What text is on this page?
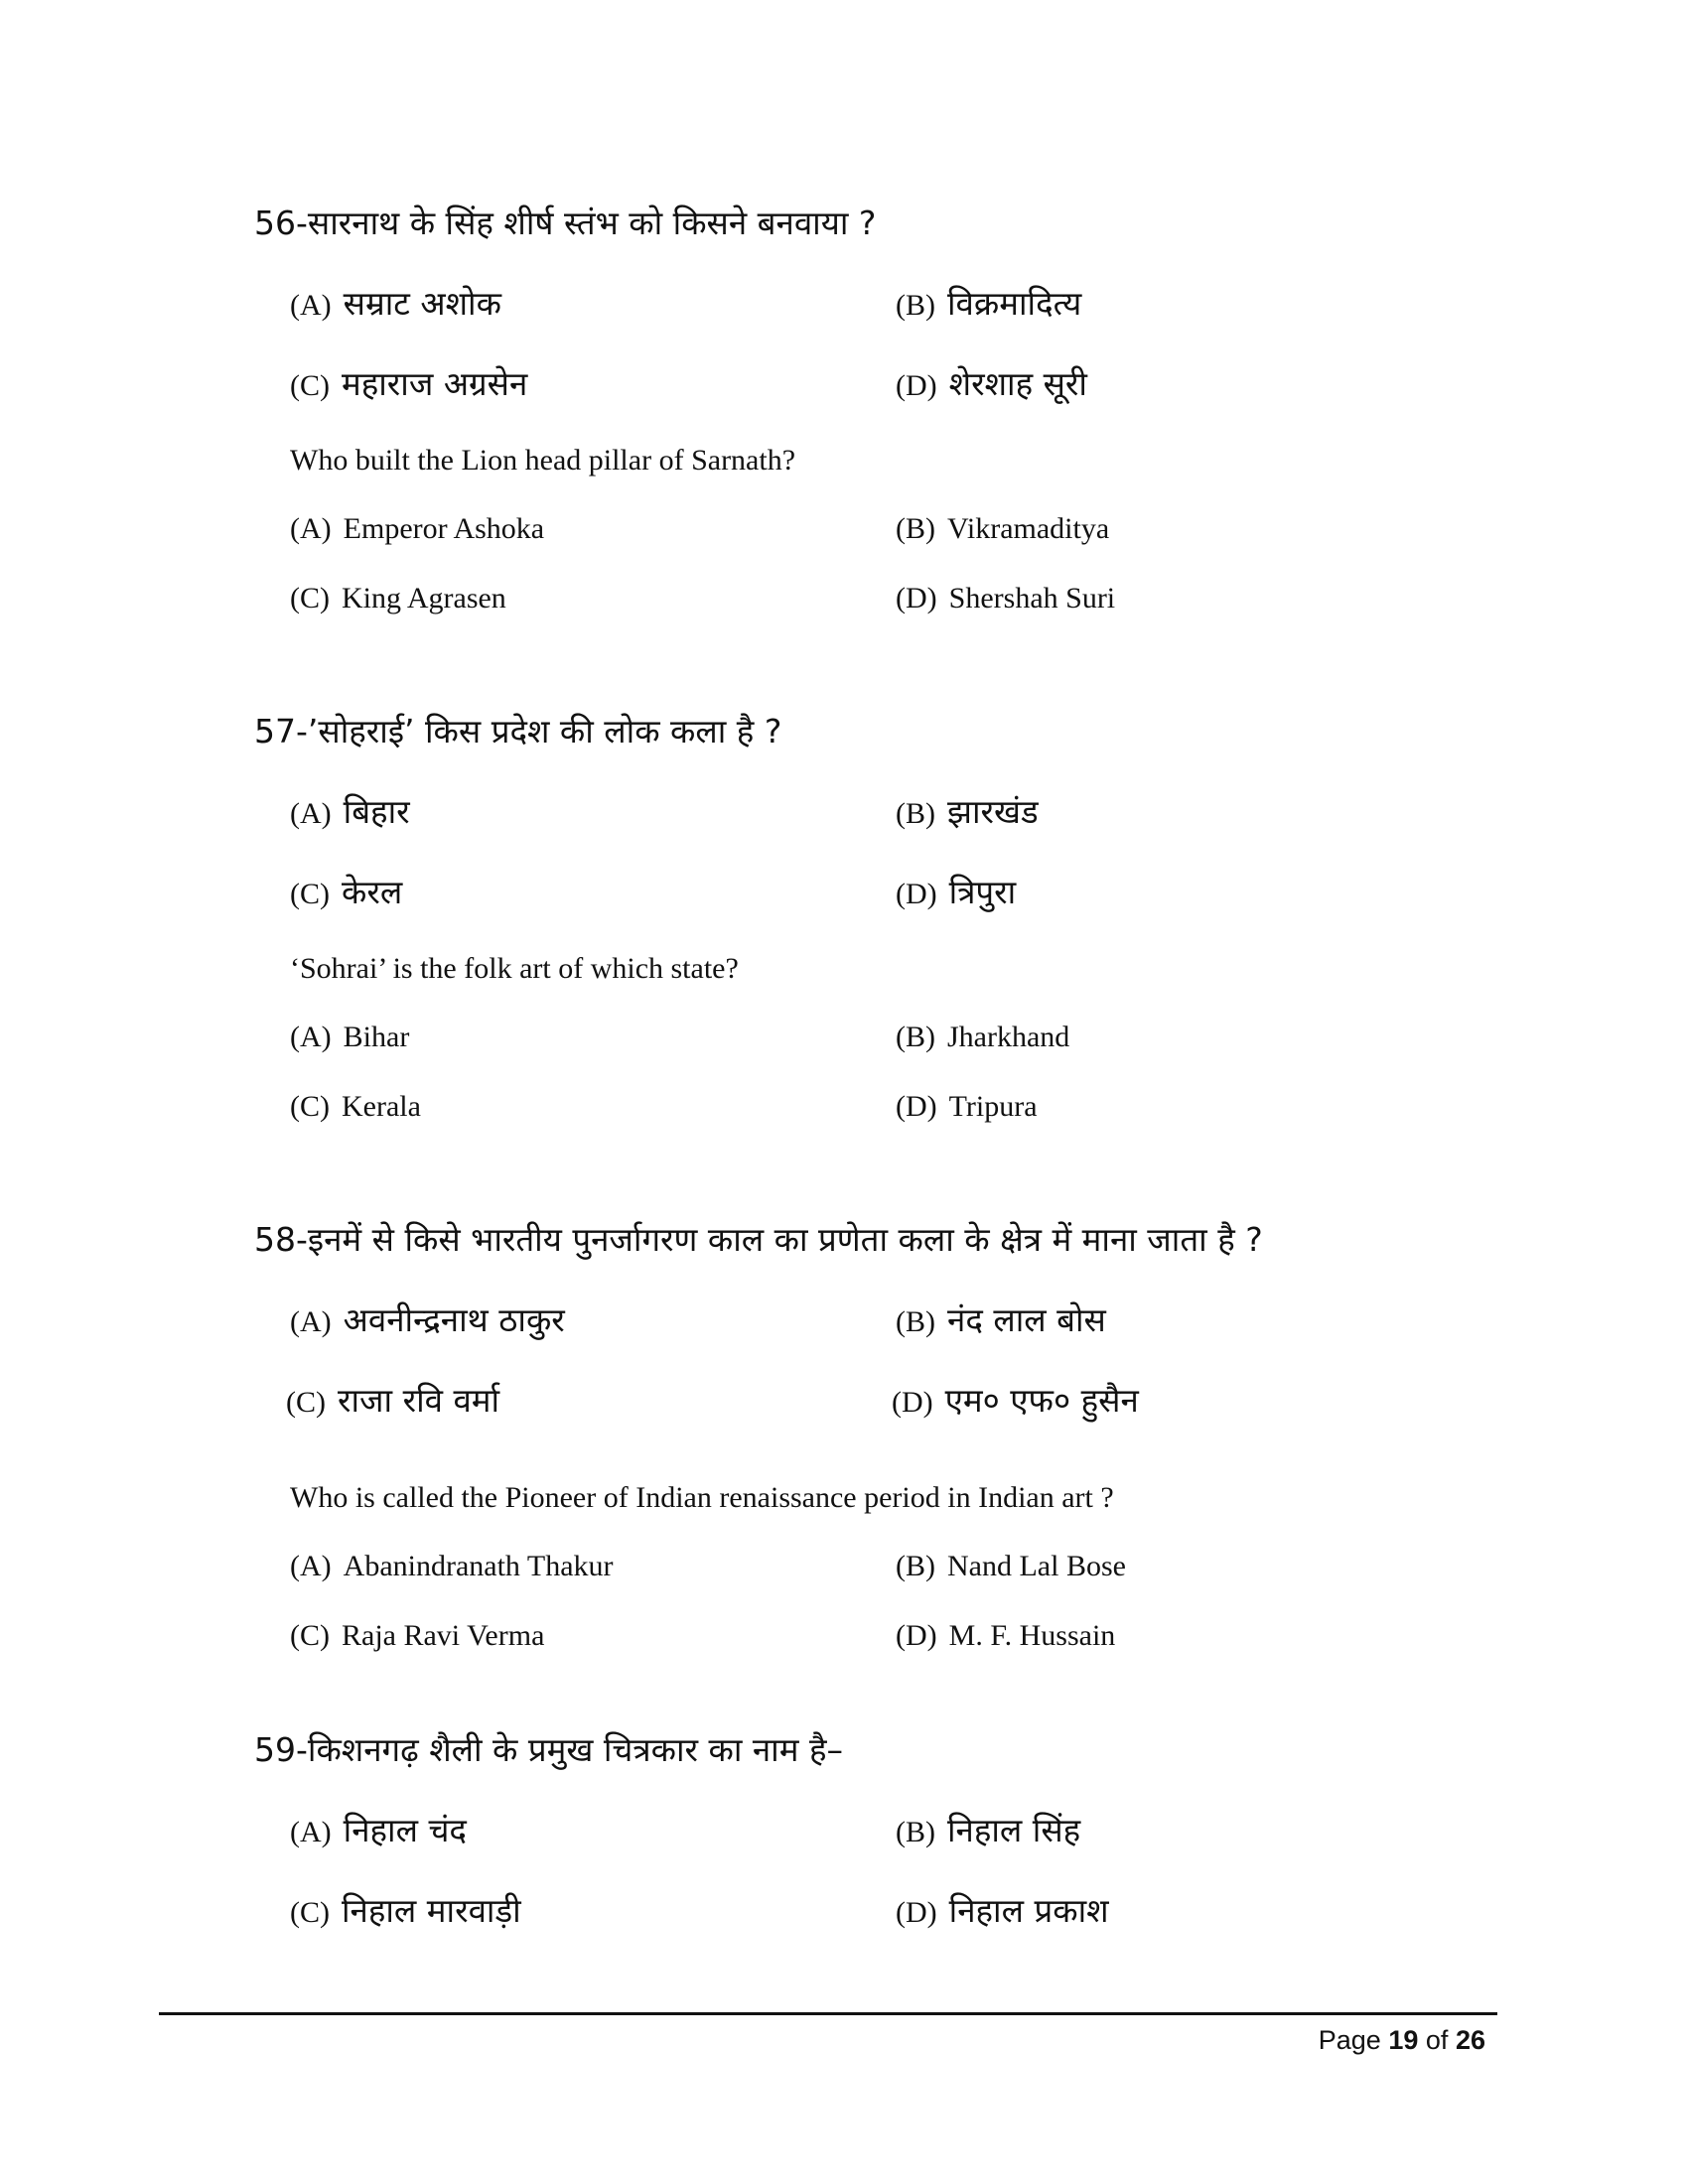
56-सारनाथ के सिंह शीर्ष स्तंभ को किसने बनवाया ?
(A) सम्राट अशोक	(B) विक्रमादित्य
(C) महाराज अग्रसेन	(D) शेरशाह सूरी
Who built the Lion head pillar of Sarnath?
(A) Emperor Ashoka	(B) Vikramaditya
(C) King Agrasen	(D) Shershah Suri
57-’सोहराई’ किस प्रदेश की लोक कला है ?
(A) बिहार	(B) झारखंड
(C) केरल	(D) त्रिपुरा
‘Sohrai’ is the folk art of which state?
(A) Bihar	(B) Jharkhand
(C) Kerala	(D) Tripura
58-इनमें से किसे भारतीय पुनर्जागरण काल का प्रणेता कला के क्षेत्र में माना जाता है ?
(A) अवनीन्द्रनाथ ठाकुर	(B) नंद लाल बोस
(C) राजा रवि वर्मा	(D) एम० एफ० हुसैन
Who is called the Pioneer of Indian renaissance period in Indian art ?
(A) Abanindranath Thakur	(B) Nand Lal Bose
(C) Raja Ravi Verma	(D) M. F. Hussain
59-किशनगढ़ शैली के प्रमुख चित्रकार का नाम है–
(A) निहाल चंद	(B) निहाल सिंह
(C) निहाल मारवाड़ी	(D) निहाल प्रकाश
Page 19 of 26
